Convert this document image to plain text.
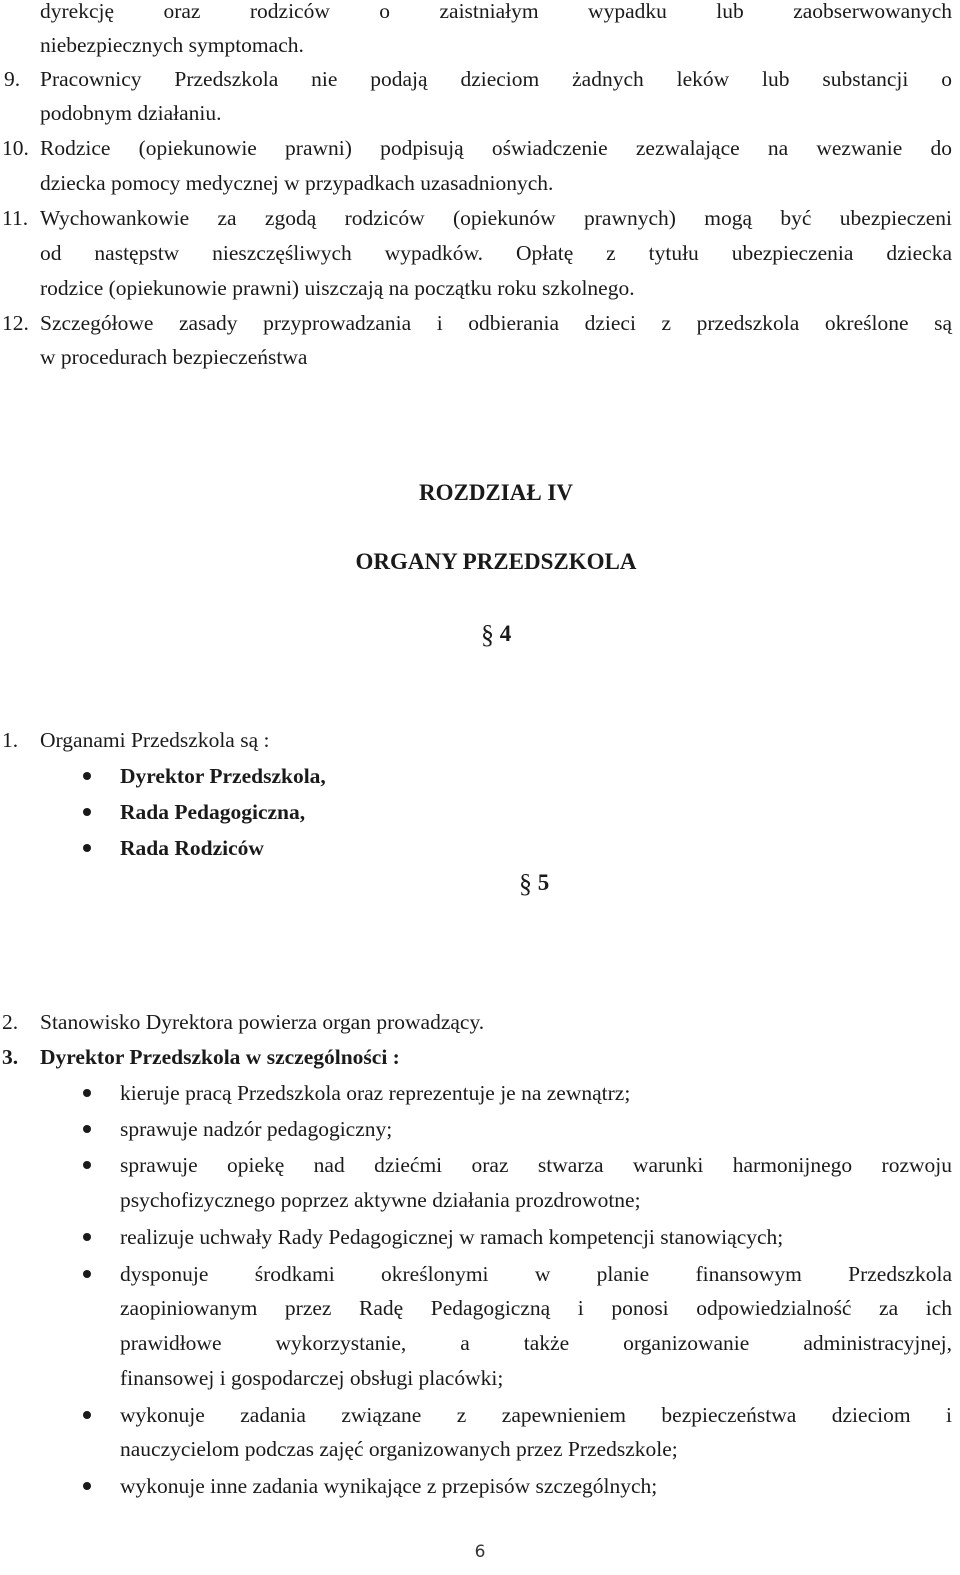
dyrekcję oraz rodziców o zaistniałym wypadku lub zaobserwowanych
niebezpiecznych symptomach.
9. Pracownicy Przedszkola nie podają dzieciom żadnych leków lub substancji o
podobnym działaniu.
10. Rodzice (opiekunowie prawni) podpisują oświadczenie zezwalające na wezwanie do
dziecka pomocy medycznej w przypadkach uzasadnionych.
11. Wychowankowie za zgodą rodziców (opiekunów prawnych) mogą być ubezpieczeni
od następstw nieszczęśliwych wypadków. Opłatę z tytułu ubezpieczenia dziecka
rodzice (opiekunowie prawni) uiszczają na początku roku szkolnego.
12. Szczegółowe zasady przyprowadzania i odbierania dzieci z przedszkola określone są
w procedurach bezpieczeństwa
ROZDZIAŁ IV
ORGANY PRZEDSZKOLA
§ 4
1. Organami Przedszkola są :
Dyrektor Przedszkola,
Rada Pedagogiczna,
Rada Rodziców
§ 5
2. Stanowisko Dyrektora powierza organ prowadzący.
3. Dyrektor Przedszkola w szczególności :
kieruje pracą Przedszkola oraz reprezentuje je na zewnątrz;
sprawuje nadzór pedagogiczny;
sprawuje opiekę nad dziećmi oraz stwarza warunki harmonijnego rozwoju
psychofizycznego poprzez aktywne działania prozdrowotne;
realizuje uchwały Rady Pedagogicznej w ramach kompetencji stanowiących;
dysponuje środkami określonymi w planie finansowym Przedszkola
zaopiniowanym przez Radę Pedagogiczną i ponosi odpowiedzialność za ich
prawidłowe wykorzystanie, a także organizowanie administracyjnej,
finansowej i gospodarczej obsługi placówki;
wykonuje zadania związane z zapewnieniem bezpieczeństwa dzieciom i
nauczycielom podczas zajęć organizowanych przez Przedszkole;
wykonuje inne zadania wynikające z przepisów szczególnych;
6
